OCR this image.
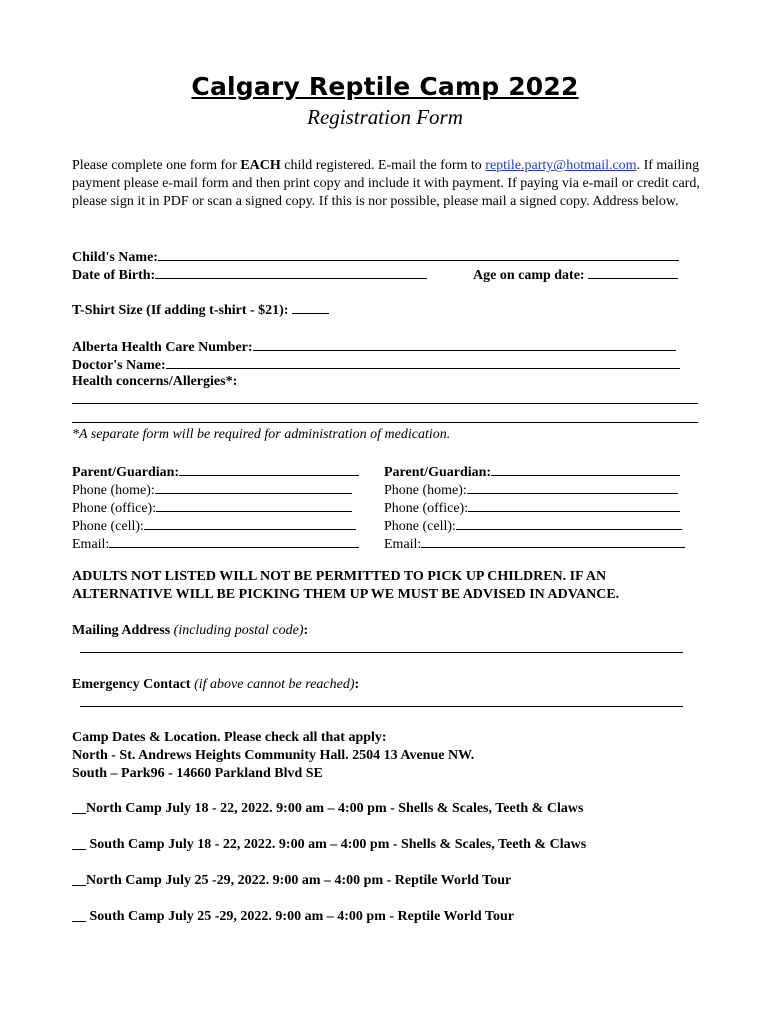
Calgary Reptile Camp 2022
Registration Form
Please complete one form for EACH child registered. E-mail the form to reptile.party@hotmail.com. If mailing payment please e-mail form and then print copy and include it with payment. If paying via e-mail or credit card, please sign it in PDF or scan a signed copy. If this is nor possible, please mail a signed copy. Address below.
Child's Name:
Date of Birth:	Age on camp date:
T-Shirt Size (If adding t-shirt - $21):
Alberta Health Care Number:
Doctor's Name:
Health concerns/Allergies*:
*A separate form will be required for administration of medication.
Parent/Guardian:
Phone (home):
Phone (office):
Phone (cell):
Email:
Parent/Guardian:
Phone (home):
Phone (office):
Phone (cell):
Email:
ADULTS NOT LISTED WILL NOT BE PERMITTED TO PICK UP CHILDREN. IF AN
ALTERNATIVE WILL BE PICKING THEM UP WE MUST BE ADVISED IN ADVANCE.
Mailing Address (including postal code):
Emergency Contact (if above cannot be reached):
Camp Dates & Location. Please check all that apply:
North - St. Andrews Heights Community Hall. 2504 13 Avenue NW.
South – Park96 - 14660 Parkland Blvd SE
__North Camp July 18 - 22, 2022. 9:00 am – 4:00 pm - Shells & Scales, Teeth & Claws
__ South Camp July 18 - 22, 2022. 9:00 am – 4:00 pm - Shells & Scales, Teeth & Claws
__North Camp July 25 -29, 2022. 9:00 am – 4:00 pm - Reptile World Tour
__ South Camp July 25 -29, 2022. 9:00 am – 4:00 pm - Reptile World Tour
